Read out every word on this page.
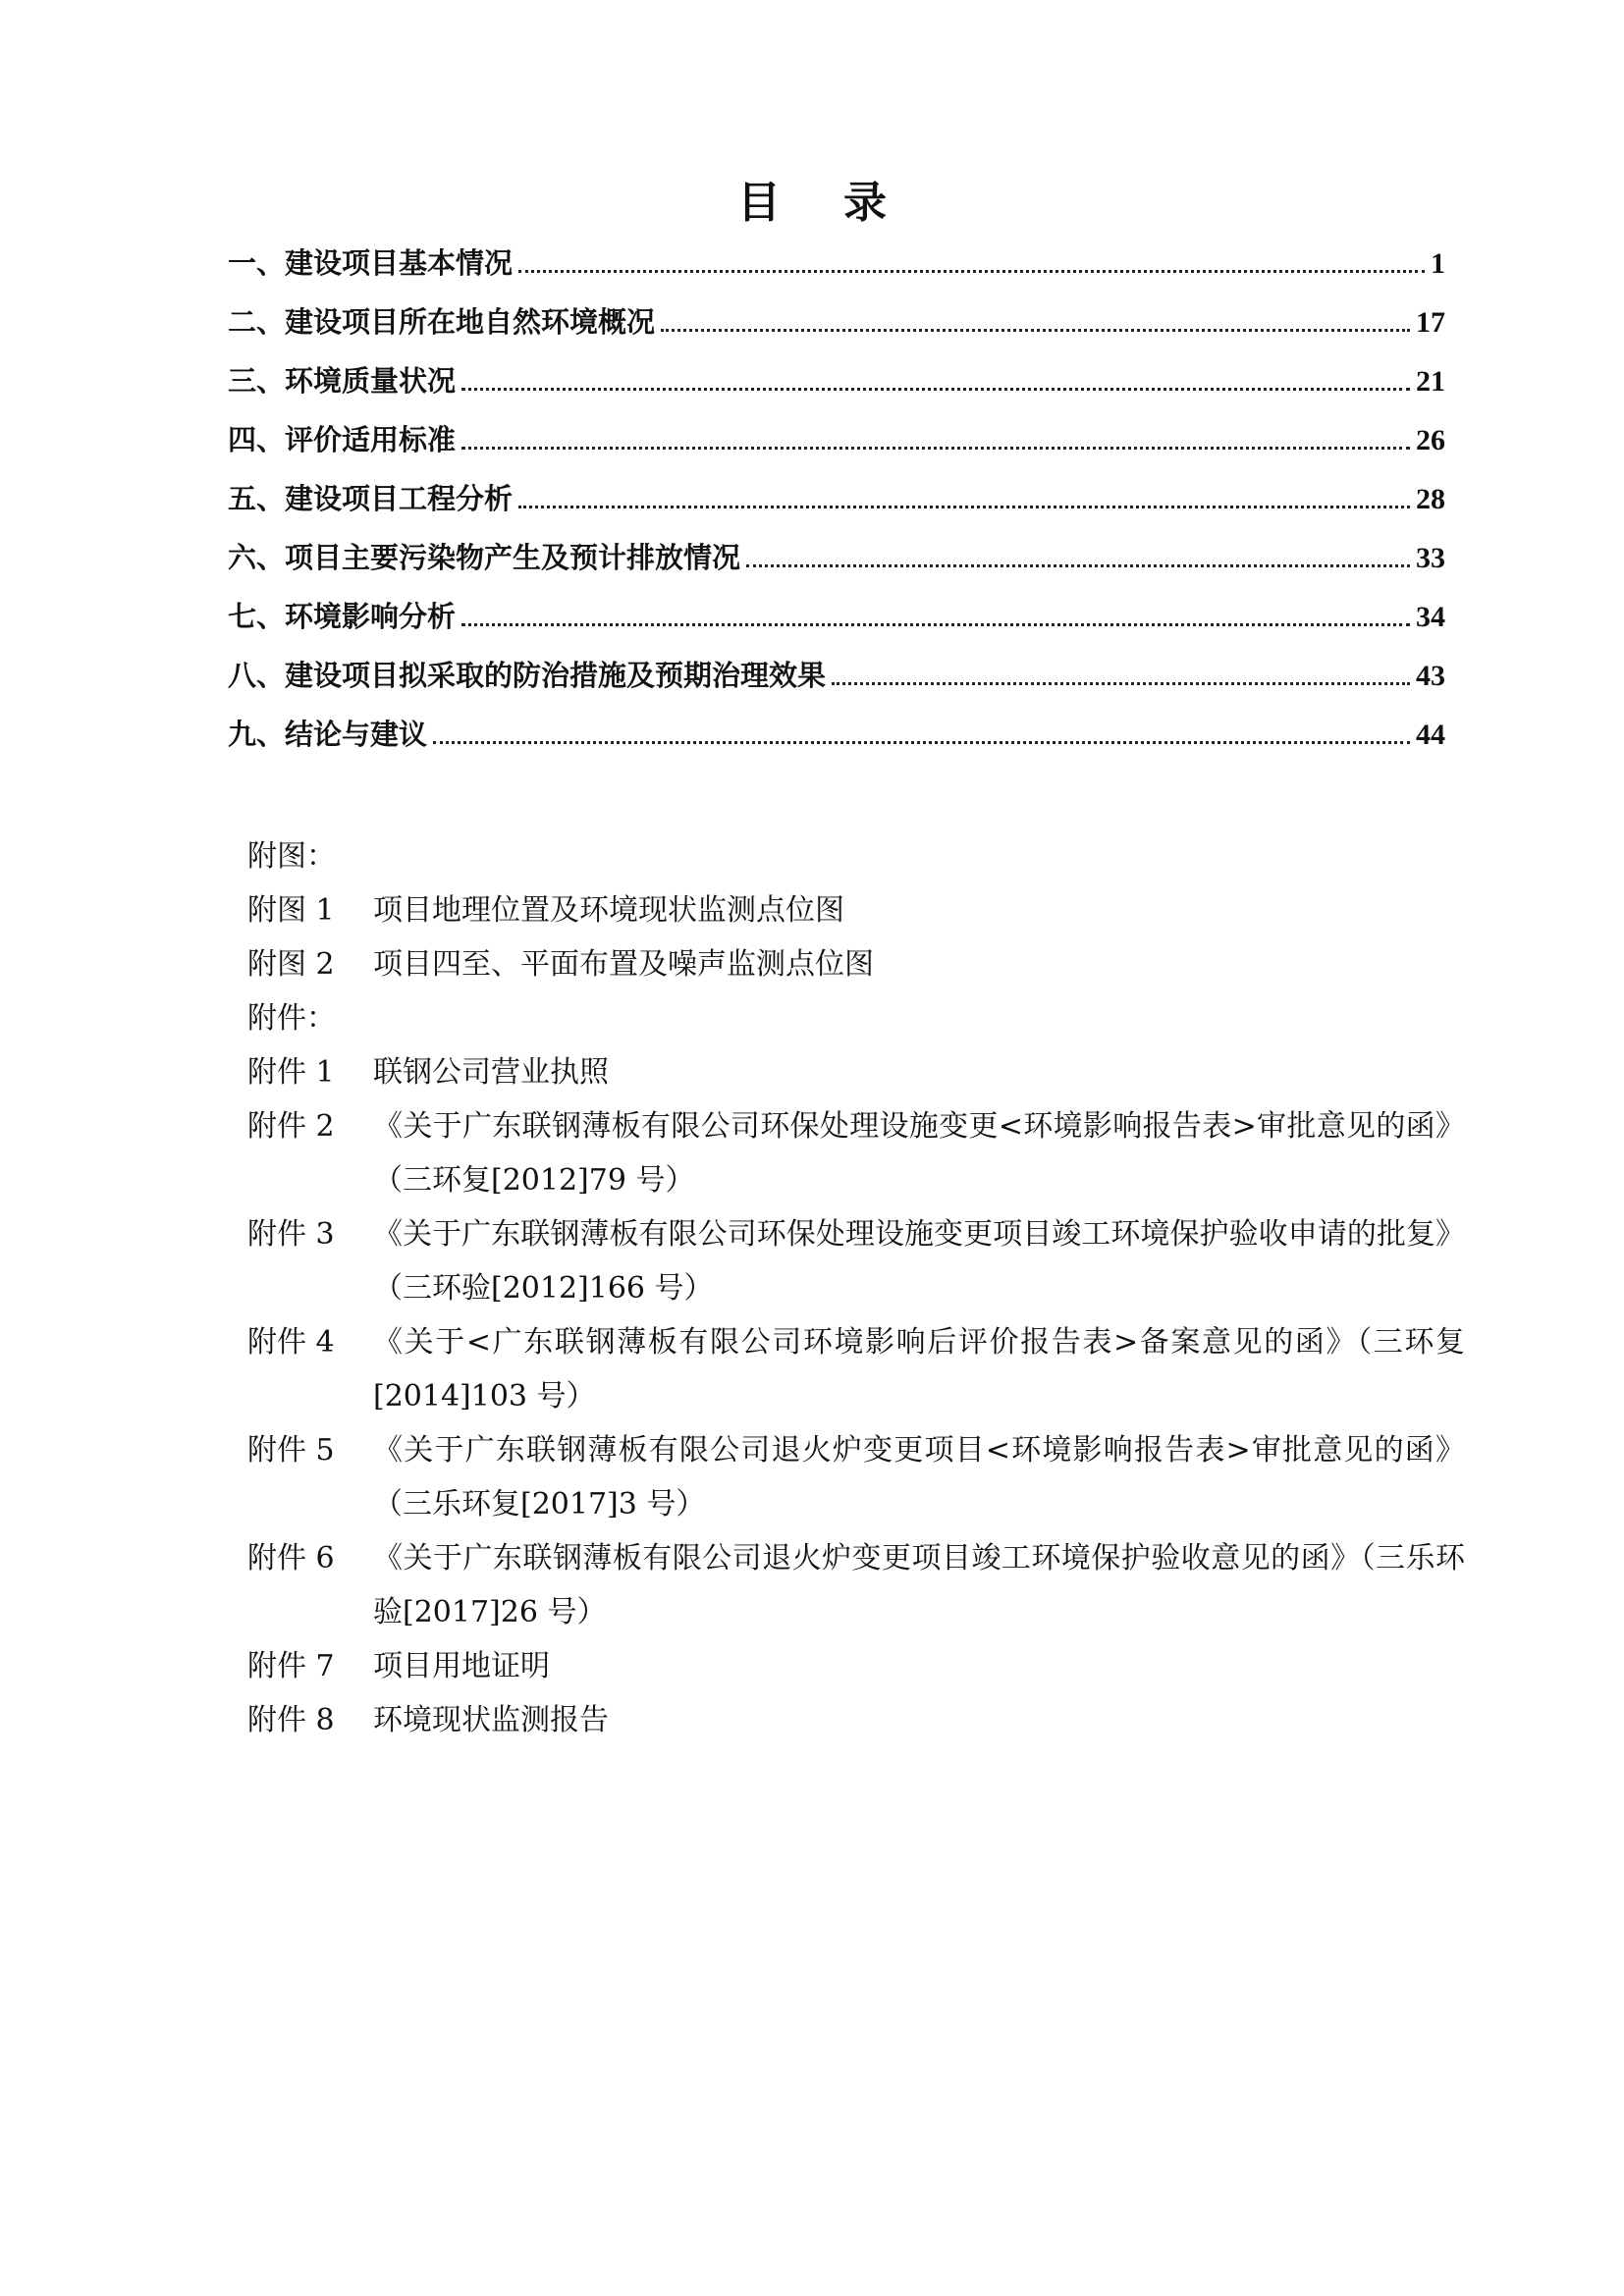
目 录
一、建设项目基本情况	1
二、建设项目所在地自然环境概况	17
三、环境质量状况	21
四、评价适用标准	26
五、建设项目工程分析	28
六、项目主要污染物产生及预计排放情况	33
七、环境影响分析	34
八、建设项目拟采取的防治措施及预期治理效果	43
九、结论与建议	44
附图：
附图 1	项目地理位置及环境现状监测点位图
附图 2	项目四至、平面布置及噪声监测点位图
附件：
附件 1	联钢公司营业执照
附件 2	《关于广东联钢薄板有限公司环保处理设施变更<环境影响报告表>审批意见的函》（三环复[2012]79 号）
附件 3	《关于广东联钢薄板有限公司环保处理设施变更项目竣工环境保护验收申请的批复》（三环验[2012]166 号）
附件 4	《关于<广东联钢薄板有限公司环境影响后评价报告表>备案意见的函》（三环复[2014]103 号）
附件 5	《关于广东联钢薄板有限公司退火炉变更项目<环境影响报告表>审批意见的函》（三乐环复[2017]3 号）
附件 6	《关于广东联钢薄板有限公司退火炉变更项目竣工环境保护验收意见的函》（三乐环验[2017]26 号）
附件 7	项目用地证明
附件 8	环境现状监测报告
